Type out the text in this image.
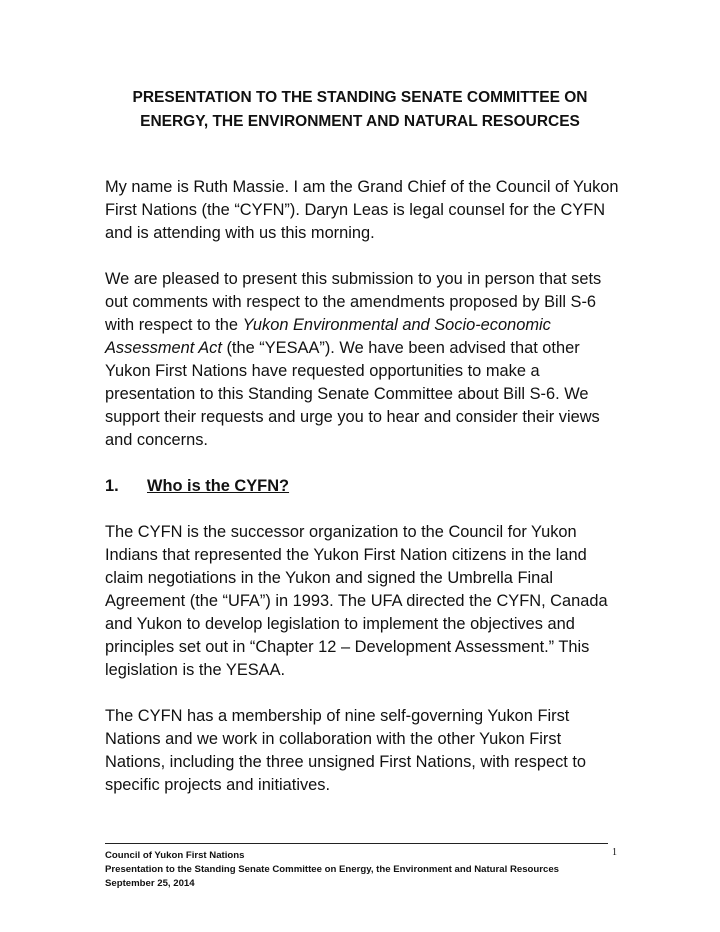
PRESENTATION TO THE STANDING SENATE COMMITTEE ON
ENERGY, THE ENVIRONMENT AND NATURAL RESOURCES

My name is Ruth Massie. I am the Grand Chief of the Council of Yukon First Nations (the “CYFN”). Daryn Leas is legal counsel for the CYFN and is attending with us this morning.

We are pleased to present this submission to you in person that sets out comments with respect to the amendments proposed by Bill S-6 with respect to the Yukon Environmental and Socio-economic Assessment Act (the “YESAA”). We have been advised that other Yukon First Nations have requested opportunities to make a presentation to this Standing Senate Committee about Bill S-6. We support their requests and urge you to hear and consider their views and concerns.

1. Who is the CYFN?

The CYFN is the successor organization to the Council for Yukon Indians that represented the Yukon First Nation citizens in the land claim negotiations in the Yukon and signed the Umbrella Final Agreement (the “UFA”) in 1993. The UFA directed the CYFN, Canada and Yukon to develop legislation to implement the objectives and principles set out in “Chapter 12 – Development Assessment.” This legislation is the YESAA.

The CYFN has a membership of nine self-governing Yukon First Nations and we work in collaboration with the other Yukon First Nations, including the three unsigned First Nations, with respect to specific projects and initiatives.

Council of Yukon First Nations
Presentation to the Standing Senate Committee on Energy, the Environment and Natural Resources
September 25, 2014
1
